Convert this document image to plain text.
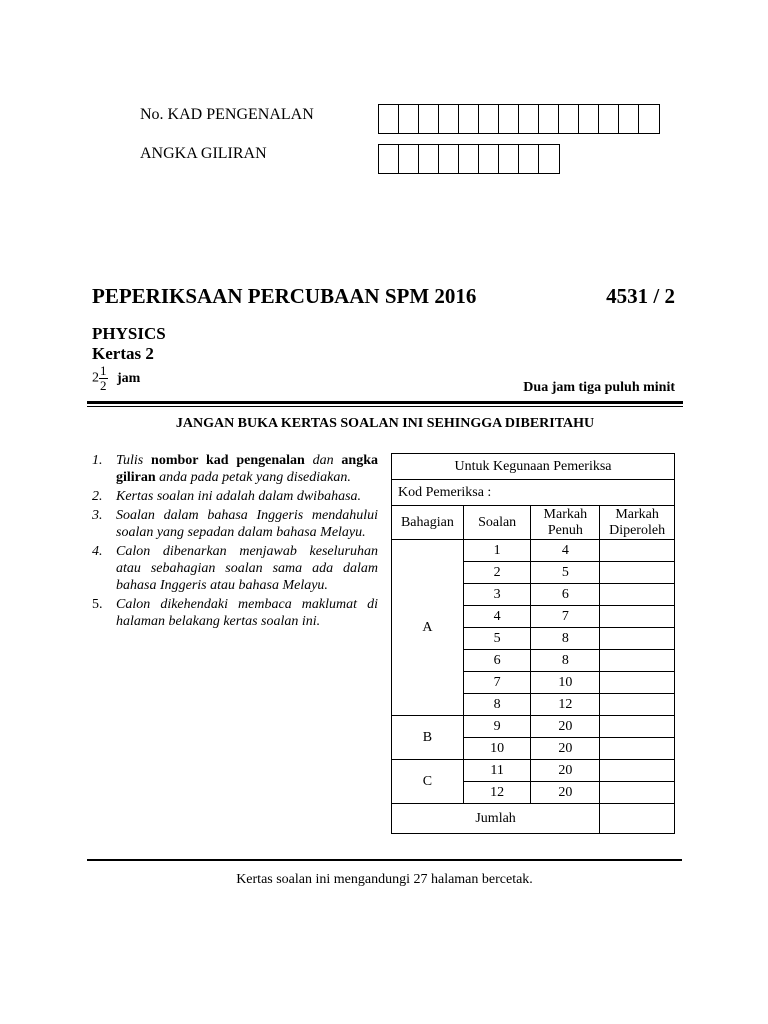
No. KAD PENGENALAN
ANGKA GILIRAN
PEPERIKSAAN PERCUBAAN SPM 2016	4531 / 2
PHYSICS
Kertas 2
$2 \frac{1}{2}$ jam
Dua jam tiga puluh minit
JANGAN BUKA KERTAS SOALAN INI SEHINGGA DIBERITAHU
1. Tulis nombor kad pengenalan dan angka giliran anda pada petak yang disediakan.
2. Kertas soalan ini adalah dalam dwibahasa.
3. Soalan dalam bahasa Inggeris mendahului soalan yang sepadan dalam bahasa Melayu.
4. Calon dibenarkan menjawab keseluruhan atau sebahagian soalan sama ada dalam bahasa Inggeris atau bahasa Melayu.
5. Calon dikehendaki membaca maklumat di halaman belakang kertas soalan ini.
Untuk Kegunaan Pemeriksa			
Kod Pemeriksa :			
Bahagian	Soalan	Markah Penuh	Markah Diperoleh
A	1	4	
	2	5	
	3	6	
	4	7	
	5	8	
	6	8	
	7	10	
	8	12	
B	9	20	
	10	20	
C	11	20	
	12	20	
Jumlah			
Kertas soalan ini mengandungi 27 halaman bercetak.
